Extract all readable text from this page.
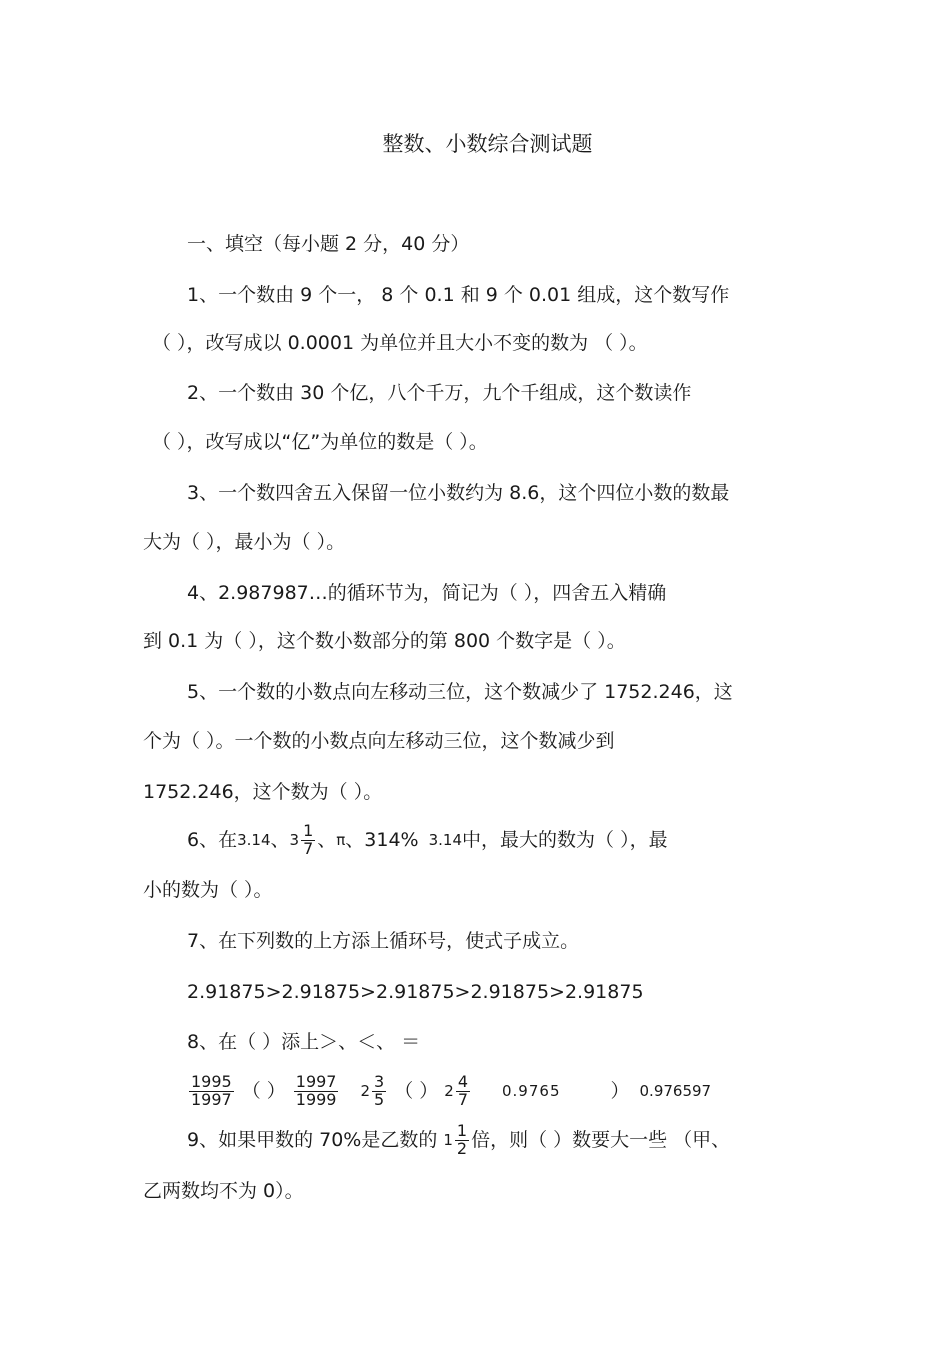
整数、小数综合测试题
一、填空（每小题 2 分，40 分）
1、一个数由 9 个一， 8 个 0.1 和 9 个 0.01 组成，这个数写作
（ ），改写成以 0.0001 为单位并且大小不变的数为 （ ）。
2、一个数由 30 个亿，八个千万，九个千组成，这个数读作
（ ），改写成以“亿”为单位的数是（ ）。
3、一个数四舍五入保留一位小数约为 8.6，这个四位小数的数最
大为（ ），最小为（ ）。
4、2.987987…的循环节为，简记为（ ），四舍五入精确
到 0.1 为（ ），这个数小数部分的第 800 个数字是（ ）。
5、一个数的小数点向左移动三位，这个数减少了 1752.246，这
个为（ ）。一个数的小数点向左移动三位，这个数减少到
1752.246，这个数为（ ）。
6、在 3.14 、 $3 \frac{1}{7}$ 、 π 、314% 3.14 中，最大的数为（ ），最
小的数为（ ）。
7、在下列数的上方添上循环号，使式子成立。
2.91875>2.91875>2.91875>2.91875>2.91875
8、在（ ）添上＞、＜、 ＝
$\frac{1995}{1997}$ （ ） $\frac{1997}{1999} 2 \frac{3}{5}$ （ ） $2 \frac{4}{7} 0.9765$	） 0.976597
9、如果甲数的 70%是乙数的 $1 \frac{1}{2}$ 倍，则（ ）数要大一些 （甲、
乙两数均不为 0）。
